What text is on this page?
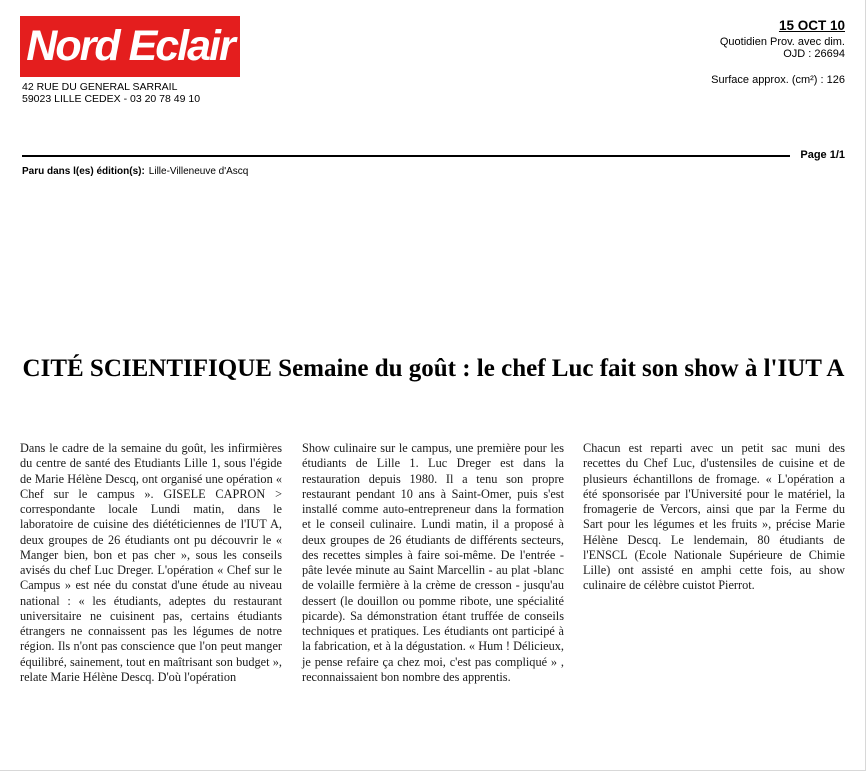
Nord Eclair
42 RUE DU GENERAL SARRAIL
59023 LILLE CEDEX - 03 20 78 49 10
15 OCT 10
Quotidien Prov. avec dim.
OJD : 26694
Surface approx. (cm²) : 126
Page 1/1
Paru dans l(es) édition(s): Lille-Villeneuve d'Ascq
CITÉ SCIENTIFIQUE Semaine du goût : le chef Luc fait son show à l'IUT A
Dans le cadre de la semaine du goût, les infirmières du centre de santé des Etudiants Lille 1, sous l'égide de Marie Hélène Descq, ont organisé une opération « Chef sur le campus ». GISELE CAPRON > correspondante locale Lundi matin, dans le laboratoire de cuisine des diététiciennes de l'IUT A, deux groupes de 26 étudiants ont pu découvrir le « Manger bien, bon et pas cher », sous les conseils avisés du chef Luc Dreger. L'opération « Chef sur le Campus » est née du constat d'une étude au niveau national : « les étudiants, adeptes du restaurant universitaire ne cuisinent pas, certains étudiants étrangers ne connaissent pas les légumes de notre région. Ils n'ont pas conscience que l'on peut manger équilibré, sainement, tout en maîtrisant son budget », relate Marie Hélène Descq. D'où l'opération
Show culinaire sur le campus, une première pour les étudiants de Lille 1. Luc Dreger est dans la restauration depuis 1980. Il a tenu son propre restaurant pendant 10 ans à Saint-Omer, puis s'est installé comme auto-entrepreneur dans la formation et le conseil culinaire. Lundi matin, il a proposé à deux groupes de 26 étudiants de différents secteurs, des recettes simples à faire soi-même. De l'entrée - pâte levée minute au Saint Marcellin - au plat -blanc de volaille fermière à la crème de cresson - jusqu'au dessert (le douillon ou pomme ribote, une spécialité picarde). Sa démonstration étant truffée de conseils techniques et pratiques. Les étudiants ont participé à la fabrication, et à la dégustation. « Hum ! Délicieux, je pense refaire ça chez moi, c'est pas compliqué » , reconnaissaient bon nombre des apprentis.
Chacun est reparti avec un petit sac muni des recettes du Chef Luc, d'ustensiles de cuisine et de plusieurs échantillons de fromage. « L'opération a été sponsorisée par l'Université pour le matériel, la fromagerie de Vercors, ainsi que par la Ferme du Sart pour les légumes et les fruits », précise Marie Hélène Descq. Le lendemain, 80 étudiants de l'ENSCL (Ecole Nationale Supérieure de Chimie Lille) ont assisté en amphi cette fois, au show culinaire de célèbre cuistot Pierrot.
